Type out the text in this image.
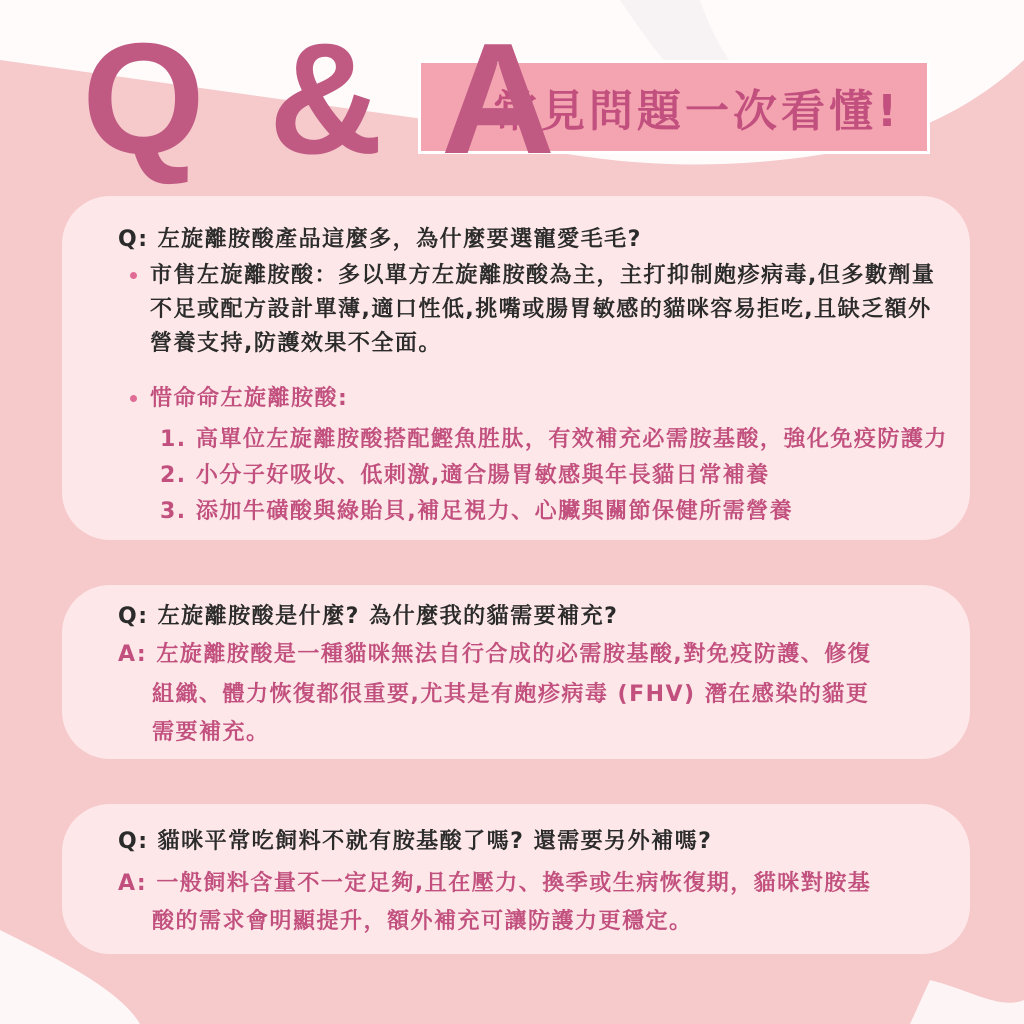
常見問題一次看懂!
Q & A
Q: 左旋離胺酸產品這麼多，為什麼要選寵愛毛毛?
市售左旋離胺酸：多以單方左旋離胺酸為主，主打抑制皰疹病毒,但多數劑量
不足或配方設計單薄,適口性低,挑嘴或腸胃敏感的貓咪容易拒吃,且缺乏額外
營養支持,防護效果不全面。
惜命命左旋離胺酸:
1. 高單位左旋離胺酸搭配鰹魚胜肽，有效補充必需胺基酸，強化免疫防護力
2. 小分子好吸收、低刺激,適合腸胃敏感與年長貓日常補養
3. 添加牛磺酸與綠貽貝,補足視力、心臟與關節保健所需營養
Q: 左旋離胺酸是什麼? 為什麼我的貓需要補充?
A: 左旋離胺酸是一種貓咪無法自行合成的必需胺基酸,對免疫防護、修復
組織、體力恢復都很重要,尤其是有皰疹病毒 (FHV) 潛在感染的貓更
需要補充。
Q: 貓咪平常吃飼料不就有胺基酸了嗎? 還需要另外補嗎?
A: 一般飼料含量不一定足夠,且在壓力、換季或生病恢復期，貓咪對胺基
酸的需求會明顯提升，額外補充可讓防護力更穩定。
